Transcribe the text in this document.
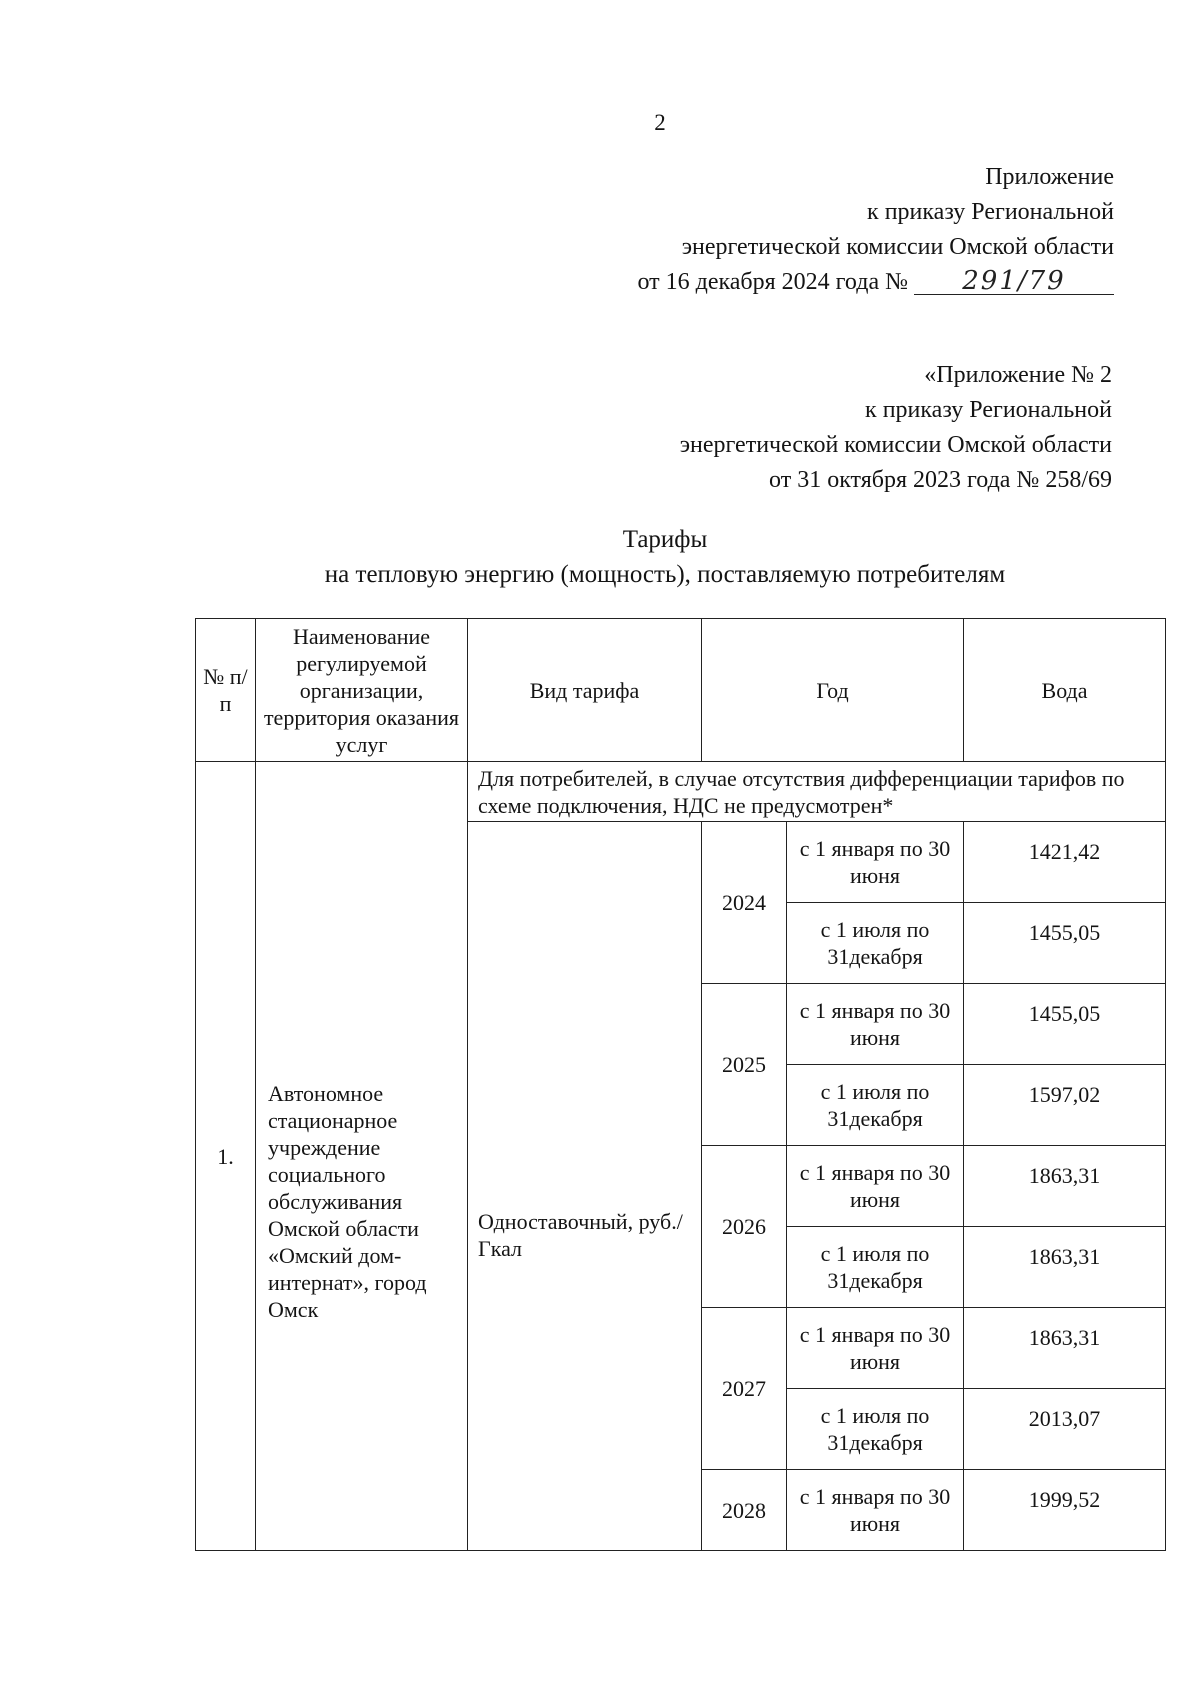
2
Приложение
к приказу Региональной
энергетической комиссии Омской области
от 16 декабря 2024 года № 291/79
«Приложение № 2
к приказу Региональной
энергетической комиссии Омской области
от 31 октября 2023 года № 258/69
Тарифы
на тепловую энергию (мощность), поставляемую потребителям
№ п/п	Наименование регулируемой организации, территория оказания услуг	Вид тарифа	Год		Вода
1.	Автономное стационарное учреждение социального обслуживания Омской области «Омский дом-интернат», город Омск	Для потребителей, в случае отсутствия дифференциации тарифов по схеме подключения, НДС не предусмотрен*			
		Одноставочный, руб./Гкал	2024	с 1 января по 30 июня	1421,42
				с 1 июля по 31декабря	1455,05
			2025	с 1 января по 30 июня	1455,05
				с 1 июля по 31декабря	1597,02
			2026	с 1 января по 30 июня	1863,31
				с 1 июля по 31декабря	1863,31
			2027	с 1 января по 30 июня	1863,31
				с 1 июля по 31декабря	2013,07
			2028	с 1 января по 30 июня	1999,52
